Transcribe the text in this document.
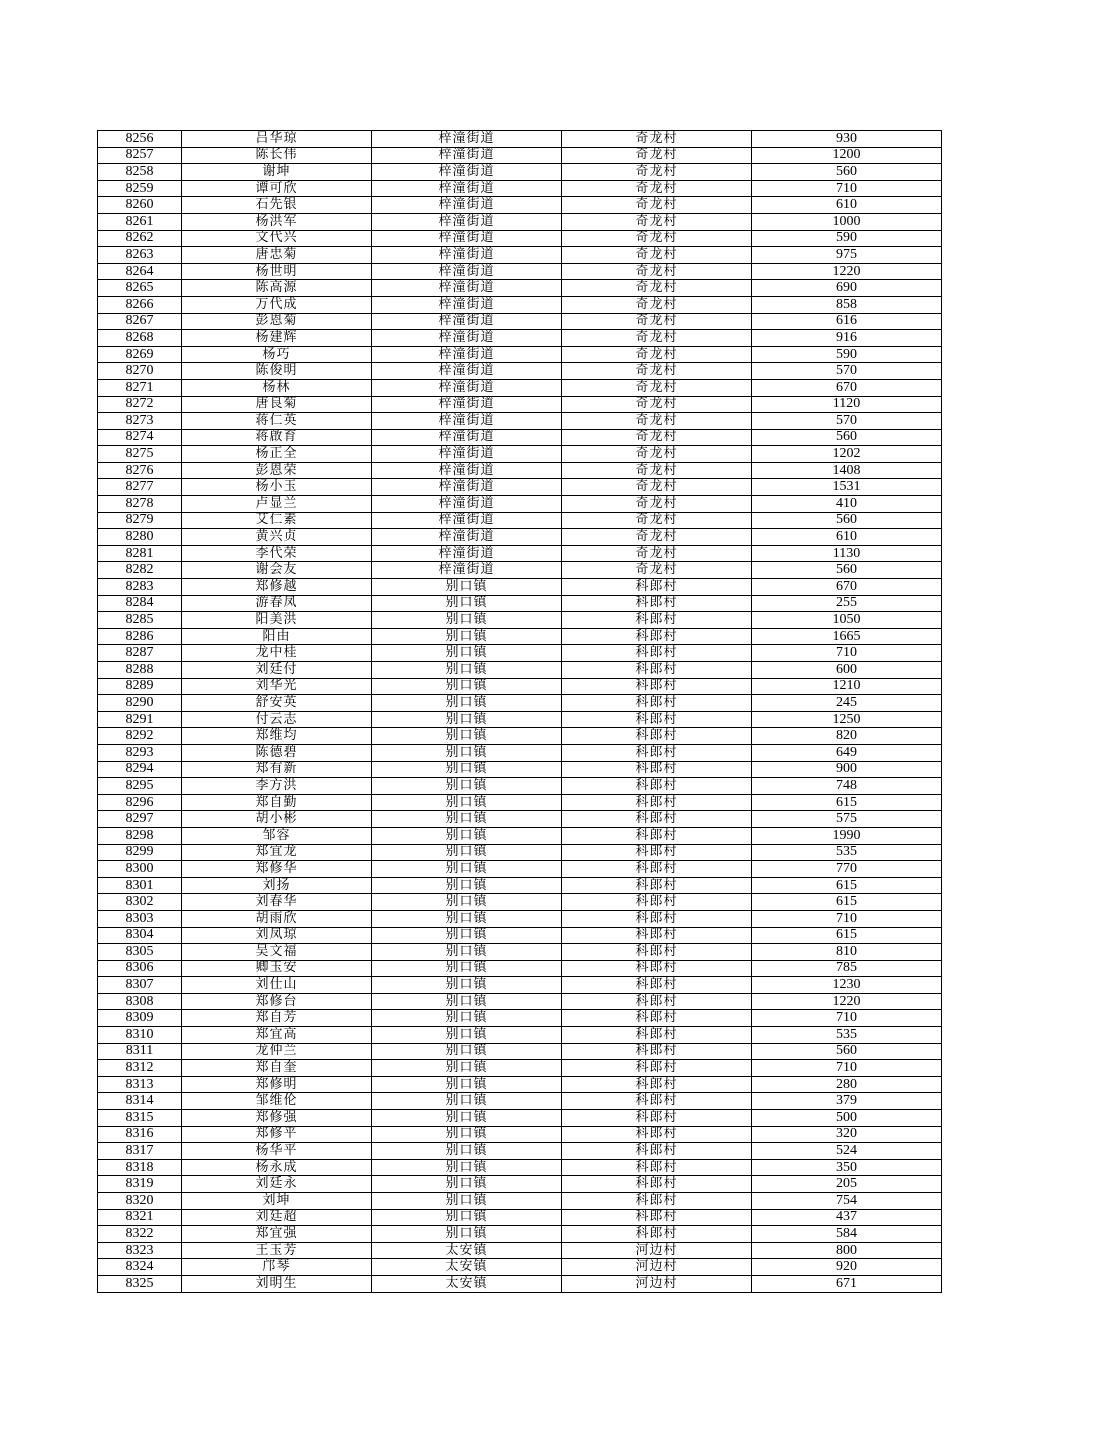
8256	吕华琼	梓潼街道	奇龙村	930
8257	陈长伟	梓潼街道	奇龙村	1200
8258	谢坤	梓潼街道	奇龙村	560
8259	谭可欣	梓潼街道	奇龙村	710
8260	石先银	梓潼街道	奇龙村	610
8261	杨洪军	梓潼街道	奇龙村	1000
8262	文代兴	梓潼街道	奇龙村	590
8263	唐忠菊	梓潼街道	奇龙村	975
8264	杨世明	梓潼街道	奇龙村	1220
8265	陈高源	梓潼街道	奇龙村	690
8266	万代成	梓潼街道	奇龙村	858
8267	彭恩菊	梓潼街道	奇龙村	616
8268	杨建辉	梓潼街道	奇龙村	916
8269	杨巧	梓潼街道	奇龙村	590
8270	陈俊明	梓潼街道	奇龙村	570
8271	杨林	梓潼街道	奇龙村	670
8272	唐良菊	梓潼街道	奇龙村	1120
8273	蒋仁英	梓潼街道	奇龙村	570
8274	蒋啟育	梓潼街道	奇龙村	560
8275	杨正全	梓潼街道	奇龙村	1202
8276	彭恩荣	梓潼街道	奇龙村	1408
8277	杨小玉	梓潼街道	奇龙村	1531
8278	卢显兰	梓潼街道	奇龙村	410
8279	艾仁素	梓潼街道	奇龙村	560
8280	黄兴贞	梓潼街道	奇龙村	610
8281	李代荣	梓潼街道	奇龙村	1130
8282	谢会友	梓潼街道	奇龙村	560
8283	郑修越	别口镇	科郎村	670
8284	游春凤	别口镇	科郎村	255
8285	阳美洪	别口镇	科郎村	1050
8286	阳由	别口镇	科郎村	1665
8287	龙中桂	别口镇	科郎村	710
8288	刘廷付	别口镇	科郎村	600
8289	刘华光	别口镇	科郎村	1210
8290	舒安英	别口镇	科郎村	245
8291	付云志	别口镇	科郎村	1250
8292	郑维均	别口镇	科郎村	820
8293	陈德碧	别口镇	科郎村	649
8294	郑有新	别口镇	科郎村	900
8295	李方洪	别口镇	科郎村	748
8296	郑自勤	别口镇	科郎村	615
8297	胡小彬	别口镇	科郎村	575
8298	邹容	别口镇	科郎村	1990
8299	郑宜龙	别口镇	科郎村	535
8300	郑修华	别口镇	科郎村	770
8301	刘扬	别口镇	科郎村	615
8302	刘春华	别口镇	科郎村	615
8303	胡雨欣	别口镇	科郎村	710
8304	刘凤琼	别口镇	科郎村	615
8305	吴文福	别口镇	科郎村	810
8306	卿玉安	别口镇	科郎村	785
8307	刘仕山	别口镇	科郎村	1230
8308	郑修台	别口镇	科郎村	1220
8309	郑自芳	别口镇	科郎村	710
8310	郑宜高	别口镇	科郎村	535
8311	龙仲兰	别口镇	科郎村	560
8312	郑自奎	别口镇	科郎村	710
8313	郑修明	别口镇	科郎村	280
8314	邹维伦	别口镇	科郎村	379
8315	郑修强	别口镇	科郎村	500
8316	郑修平	别口镇	科郎村	320
8317	杨华平	别口镇	科郎村	524
8318	杨永成	别口镇	科郎村	350
8319	刘廷永	别口镇	科郎村	205
8320	刘坤	别口镇	科郎村	754
8321	刘廷超	别口镇	科郎村	437
8322	郑宜强	别口镇	科郎村	584
8323	王玉芳	太安镇	河边村	800
8324	邝琴	太安镇	河边村	920
8325	刘明生	太安镇	河边村	671
